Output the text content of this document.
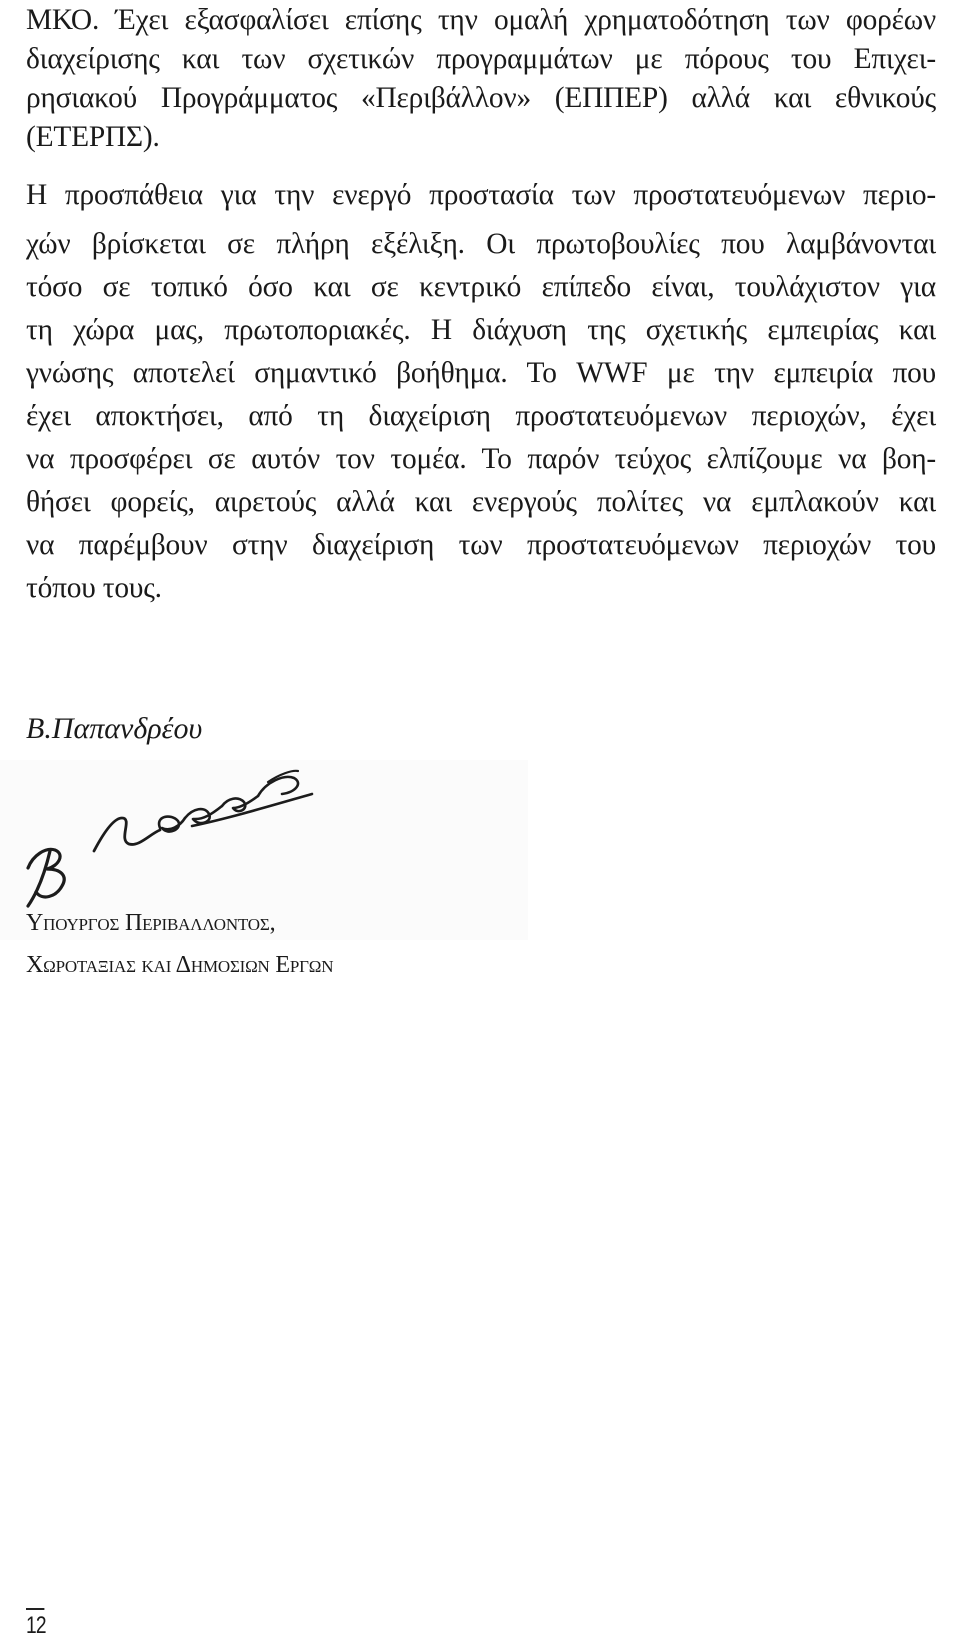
ΜΚΟ. Έχει εξασφαλίσει επίσης την ομαλή χρηματοδότηση των φορέων
διαχείρισης και των σχετικών προγραμμάτων με πόρους του Επιχει-
ρησιακού Προγράμματος «Περιβάλλον» (ΕΠΠΕΡ) αλλά και εθνικούς
(ΕΤΕΡΠΣ).
Η προσπάθεια για την ενεργό προστασία των προστατευόμενων περιο-
χών βρίσκεται σε πλήρη εξέλιξη. Οι πρωτοβουλίες που λαμβάνονται
τόσο σε τοπικό όσο και σε κεντρικό επίπεδο είναι, τουλάχιστον για
τη χώρα μας, πρωτοποριακές. Η διάχυση της σχετικής εμπειρίας και
γνώσης αποτελεί σημαντικό βοήθημα. Το WWF με την εμπειρία που
έχει αποκτήσει, από τη διαχείριση προστατευόμενων περιοχών, έχει
να προσφέρει σε αυτόν τον τομέα. Το παρόν τεύχος ελπίζουμε να βοη-
θήσει φορείς, αιρετούς αλλά και ενεργούς πολίτες να εμπλακούν και
να παρέμβουν στην διαχείριση των προστατευόμενων περιοχών του
τόπου τους.
Β.Παπανδρέου
Υπουργος Περιβαλλοντος,
Χωροταξιας και Δημοσιων Εργων
12
